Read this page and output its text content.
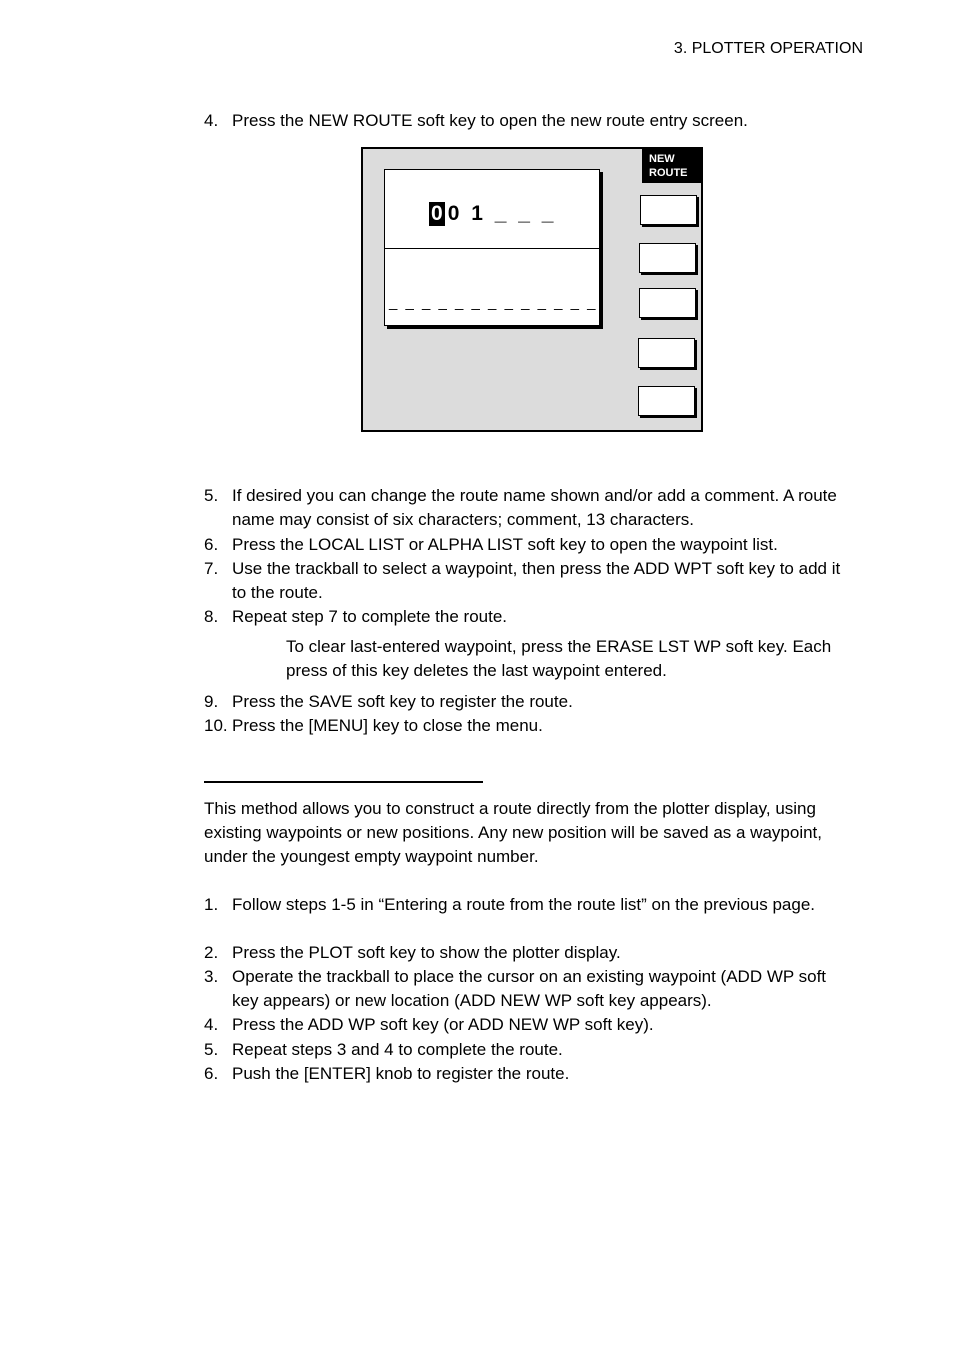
3. PLOTTER OPERATION
4. Press the NEW ROUTE soft key to open the new route entry screen.
0 0 1 _ _ _
_ _ _ _ _ _ _ _ _ _ _ _ _
NEW ROUTE
5. If desired you can change the route name shown and/or add a comment. A route name may consist of six characters; comment, 13 characters.
6. Press the LOCAL LIST or ALPHA LIST soft key to open the waypoint list.
7. Use the trackball to select a waypoint, then press the ADD WPT soft key to add it to the route.
8. Repeat step 7 to complete the route.
To clear last-entered waypoint, press the ERASE LST WP soft key. Each press of this key deletes the last waypoint entered.
9. Press the SAVE soft key to register the route.
10. Press the [MENU] key to close the menu.
This method allows you to construct a route directly from the plotter display, using existing waypoints or new positions. Any new position will be saved as a waypoint, under the youngest empty waypoint number.
1. Follow steps 1-5 in “Entering a route from the route list” on the previous page.
2. Press the PLOT soft key to show the plotter display.
3. Operate the trackball to place the cursor on an existing waypoint (ADD WP soft key appears) or new location (ADD NEW WP soft key appears).
4. Press the ADD WP soft key (or ADD NEW WP soft key).
5. Repeat steps 3 and 4 to complete the route.
6. Push the [ENTER] knob to register the route.
